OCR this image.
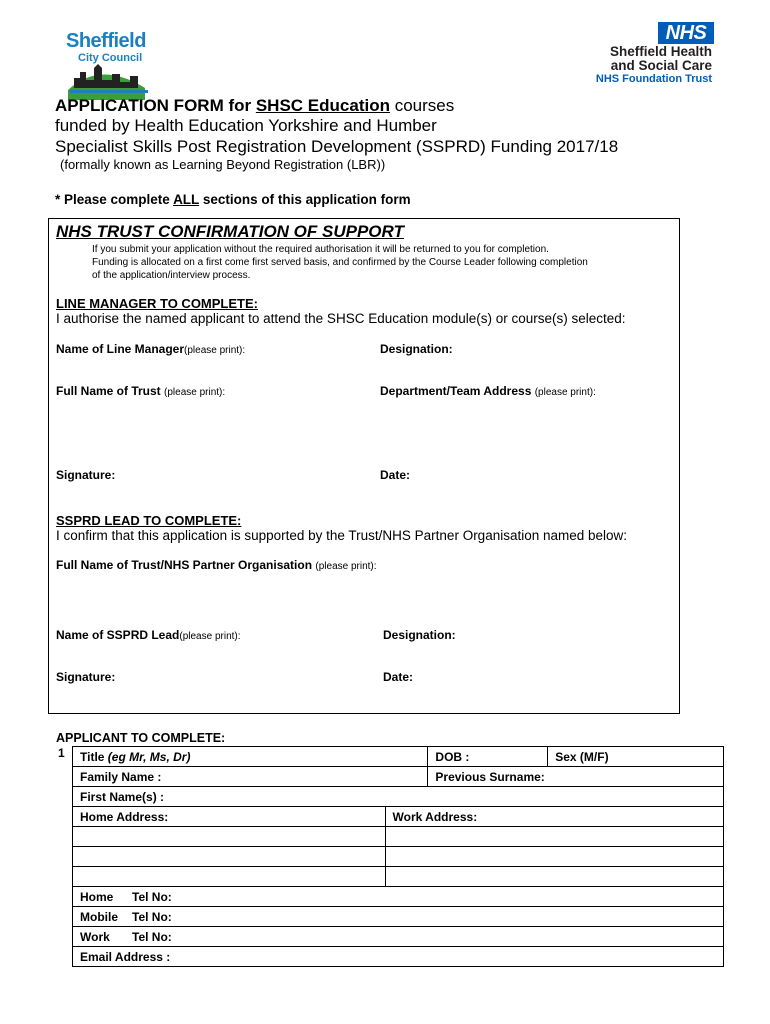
Sheffield
City Council
NHS
Sheffield Health
and Social Care
NHS Foundation Trust
APPLICATION FORM for SHSC Education courses
funded by Health Education Yorkshire and Humber
Specialist Skills Post Registration Development (SSPRD) Funding 2017/18
(formally known as Learning Beyond Registration (LBR))
* Please complete ALL sections of this application form
NHS TRUST CONFIRMATION OF SUPPORT
If you submit your application without the required authorisation it will be returned to you for completion.
Funding is allocated on a first come first served basis, and confirmed by the Course Leader following completion
of the application/interview process.
LINE MANAGER TO COMPLETE:
I authorise the named applicant to attend the SHSC Education module(s) or course(s) selected:
Name of Line Manager(please print):	Designation:
Full Name of Trust (please print):	Department/Team Address (please print):
Signature:	Date:
SSPRD LEAD TO COMPLETE:
I confirm that this application is supported by the Trust/NHS Partner Organisation named below:
Full Name of Trust/NHS Partner Organisation (please print):
Name of SSPRD Lead(please print):	Designation:
Signature:	Date:
APPLICANT TO COMPLETE:
1 Title (eg Mr, Ms, Dr)		DOB :	Sex (M/F)
Family Name :		Previous Surname:	
First Name(s) :			
Home Address:	Work Address:		

Home Tel No:			
Mobile Tel No:			
Work Tel No:			
Email Address :			
